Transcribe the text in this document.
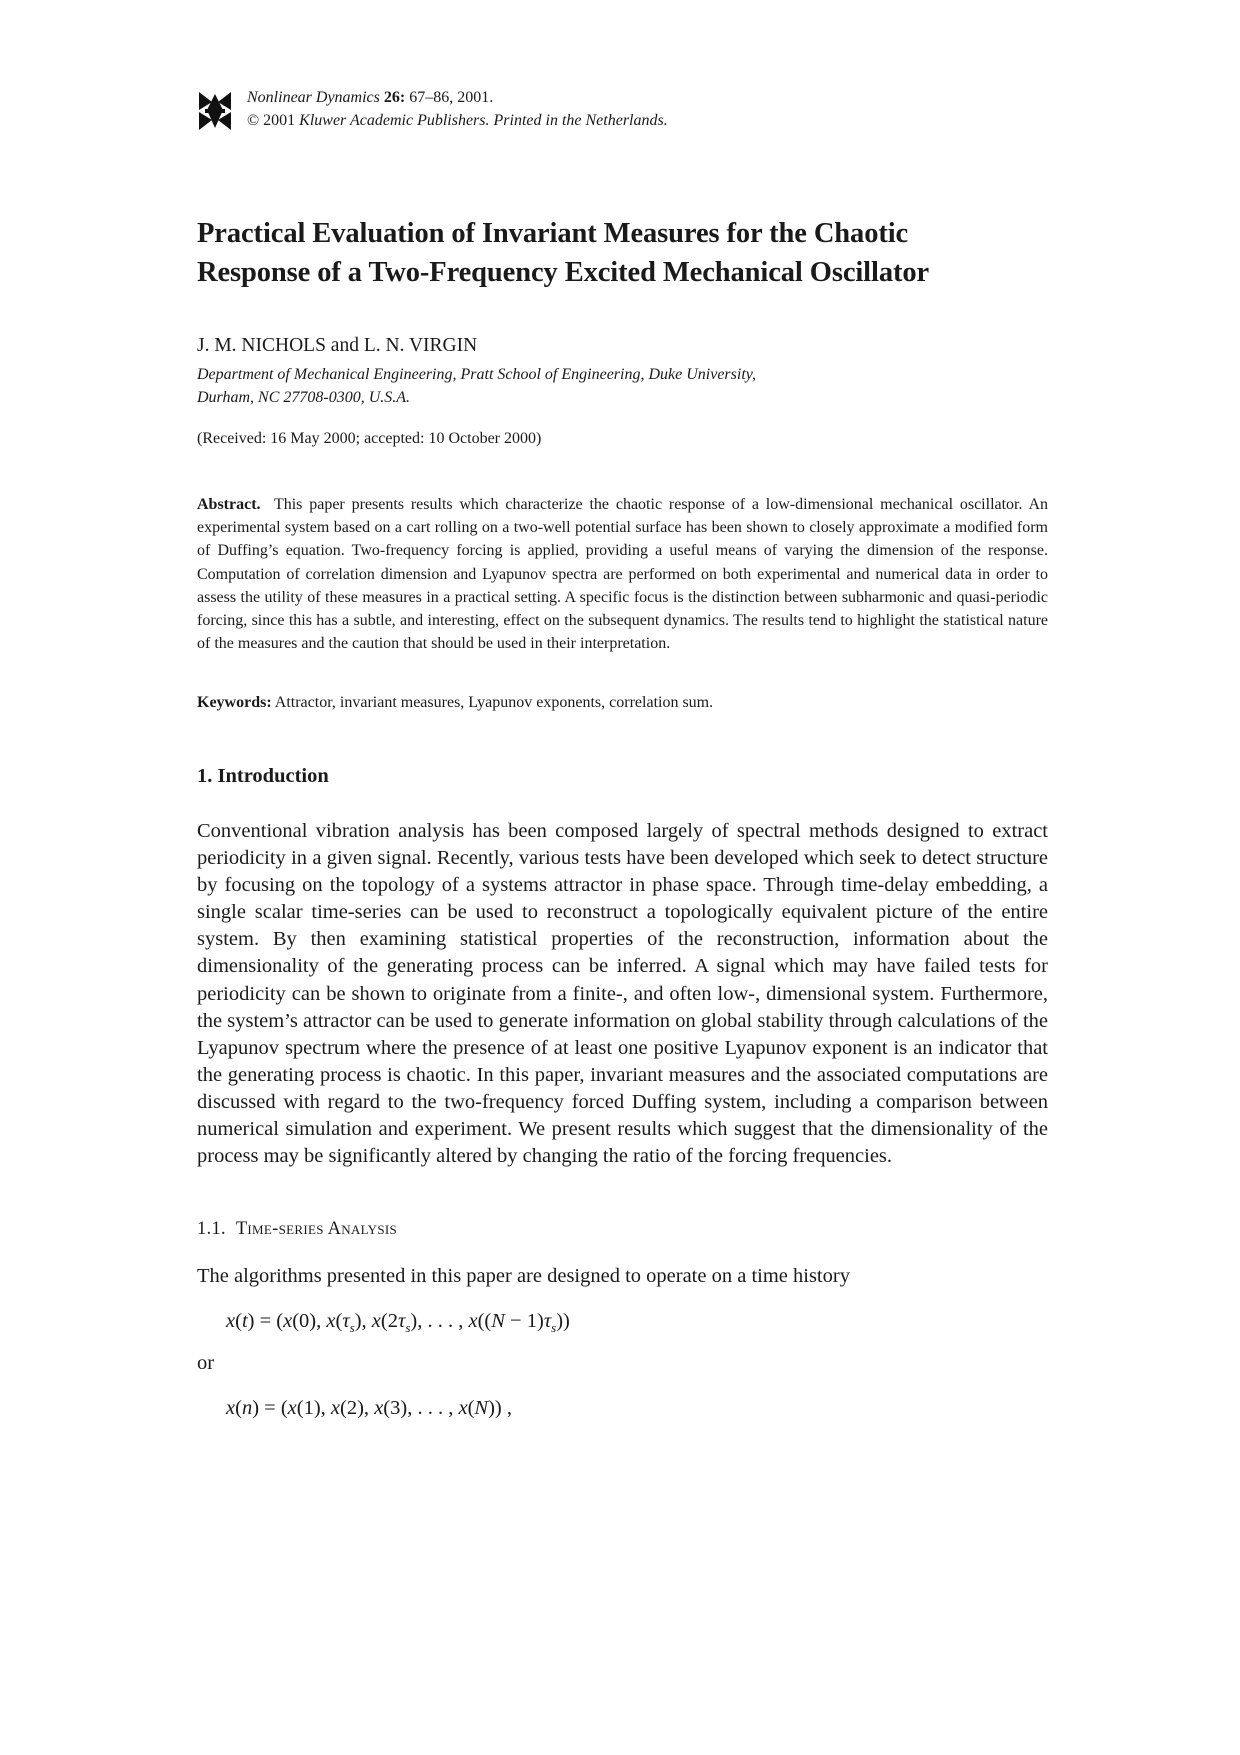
Nonlinear Dynamics 26: 67–86, 2001.
© 2001 Kluwer Academic Publishers. Printed in the Netherlands.
Practical Evaluation of Invariant Measures for the Chaotic
Response of a Two-Frequency Excited Mechanical Oscillator
J. M. NICHOLS and L. N. VIRGIN
Department of Mechanical Engineering, Pratt School of Engineering, Duke University,
Durham, NC 27708-0300, U.S.A.
(Received: 16 May 2000; accepted: 10 October 2000)
Abstract. This paper presents results which characterize the chaotic response of a low-dimensional mechanical oscillator. An experimental system based on a cart rolling on a two-well potential surface has been shown to closely approximate a modified form of Duffing’s equation. Two-frequency forcing is applied, providing a useful means of varying the dimension of the response. Computation of correlation dimension and Lyapunov spectra are performed on both experimental and numerical data in order to assess the utility of these measures in a practical setting. A specific focus is the distinction between subharmonic and quasi-periodic forcing, since this has a subtle, and interesting, effect on the subsequent dynamics. The results tend to highlight the statistical nature of the measures and the caution that should be used in their interpretation.
Keywords: Attractor, invariant measures, Lyapunov exponents, correlation sum.
1. Introduction
Conventional vibration analysis has been composed largely of spectral methods designed to extract periodicity in a given signal. Recently, various tests have been developed which seek to detect structure by focusing on the topology of a systems attractor in phase space. Through time-delay embedding, a single scalar time-series can be used to reconstruct a topologically equivalent picture of the entire system. By then examining statistical properties of the reconstruction, information about the dimensionality of the generating process can be inferred. A signal which may have failed tests for periodicity can be shown to originate from a finite-, and often low-, dimensional system. Furthermore, the system’s attractor can be used to generate information on global stability through calculations of the Lyapunov spectrum where the presence of at least one positive Lyapunov exponent is an indicator that the generating process is chaotic. In this paper, invariant measures and the associated computations are discussed with regard to the two-frequency forced Duffing system, including a comparison between numerical simulation and experiment. We present results which suggest that the dimensionality of the process may be significantly altered by changing the ratio of the forcing frequencies.
1.1. Time-series Analysis
The algorithms presented in this paper are designed to operate on a time history
x(t) = (x(0), $x(\tau_s)$, $x(2\tau_s)$, . . . , $x((N - 1)\tau_s)$)
or
x(n) = (x(1), x(2), x(3), . . . , x(N)) ,
